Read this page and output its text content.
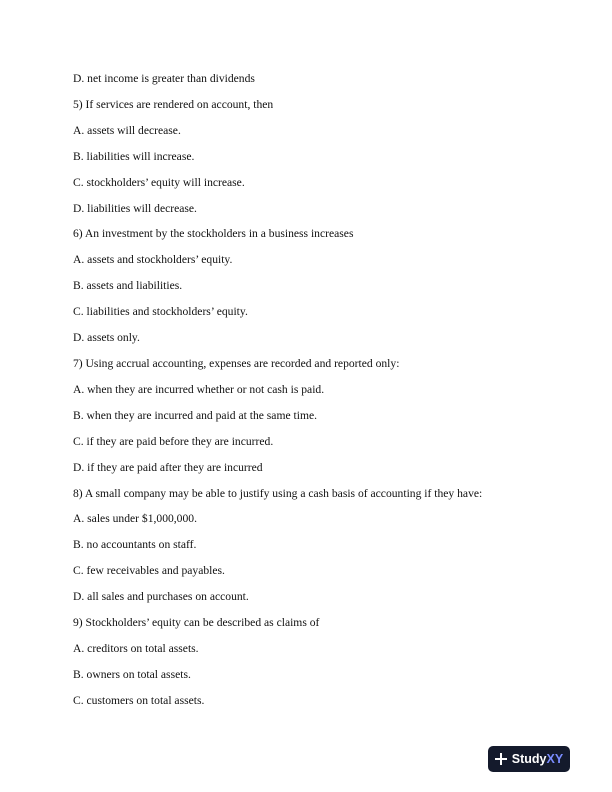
D. net income is greater than dividends
5) If services are rendered on account, then
A. assets will decrease.
B. liabilities will increase.
C. stockholders’ equity will increase.
D. liabilities will decrease.
6) An investment by the stockholders in a business increases
A. assets and stockholders’ equity.
B. assets and liabilities.
C. liabilities and stockholders’ equity.
D. assets only.
7) Using accrual accounting, expenses are recorded and reported only:
A. when they are incurred whether or not cash is paid.
B. when they are incurred and paid at the same time.
C. if they are paid before they are incurred.
D. if they are paid after they are incurred
8) A small company may be able to justify using a cash basis of accounting if they have:
A. sales under $1,000,000.
B. no accountants on staff.
C. few receivables and payables.
D. all sales and purchases on account.
9) Stockholders’ equity can be described as claims of
A. creditors on total assets.
B. owners on total assets.
C. customers on total assets.
StudyXY
